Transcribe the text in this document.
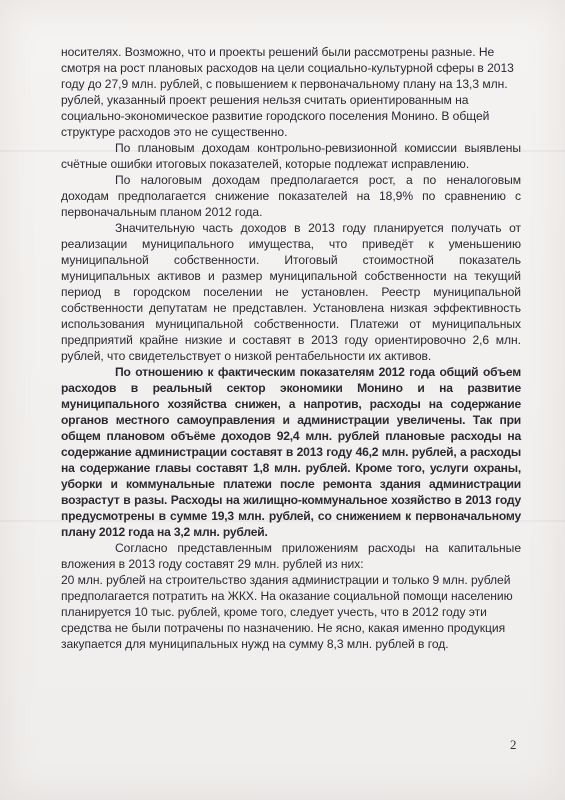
носителях. Возможно, что и проекты решений были рассмотрены разные. Не смотря на рост плановых расходов на цели социально-культурной сферы в 2013 году до 27,9 млн. рублей, с повышением к первоначальному плану на 13,3 млн. рублей, указанный проект решения нельзя считать ориентированным на социально-экономическое развитие городского поселения Монино. В общей структуре расходов это не существенно.

По плановым доходам контрольно-ревизионной комиссии выявлены счётные ошибки итоговых показателей, которые подлежат исправлению.

По налоговым доходам предполагается рост, а по неналоговым доходам предполагается снижение показателей на 18,9% по сравнению с первоначальным планом 2012 года.

Значительную часть доходов в 2013 году планируется получать от реализации муниципального имущества, что приведёт к уменьшению муниципальной собственности. Итоговый стоимостной показатель муниципальных активов и размер муниципальной собственности на текущий период в городском поселении не установлен. Реестр муниципальной собственности депутатам не представлен. Установлена низкая эффективность использования муниципальной собственности. Платежи от муниципальных предприятий крайне низкие и составят в 2013 году ориентировочно 2,6 млн. рублей, что свидетельствует о низкой рентабельности их активов.

По отношению к фактическим показателям 2012 года общий объем расходов в реальный сектор экономики Монино и на развитие муниципального хозяйства снижен, а напротив, расходы на содержание органов местного самоуправления и администрации увеличены. Так при общем плановом объёме доходов 92,4 млн. рублей плановые расходы на содержание администрации составят в 2013 году 46,2 млн. рублей, а расходы на содержание главы составят 1,8 млн. рублей. Кроме того, услуги охраны, уборки и коммунальные платежи после ремонта здания администрации возрастут в разы. Расходы на жилищно-коммунальное хозяйство в 2013 году предусмотрены в сумме 19,3 млн. рублей, со снижением к первоначальному плану 2012 года на 3,2 млн. рублей.

Согласно представленным приложениям расходы на капитальные вложения в 2013 году составят 29 млн. рублей из них:

20 млн. рублей на строительство здания администрации и только 9 млн. рублей предполагается потратить на ЖКХ. На оказание социальной помощи населению планируется 10 тыс. рублей, кроме того, следует учесть, что в 2012 году эти средства не были потрачены по назначению. Не ясно, какая именно продукция закупается для муниципальных нужд на сумму 8,3 млн. рублей в год.

2
